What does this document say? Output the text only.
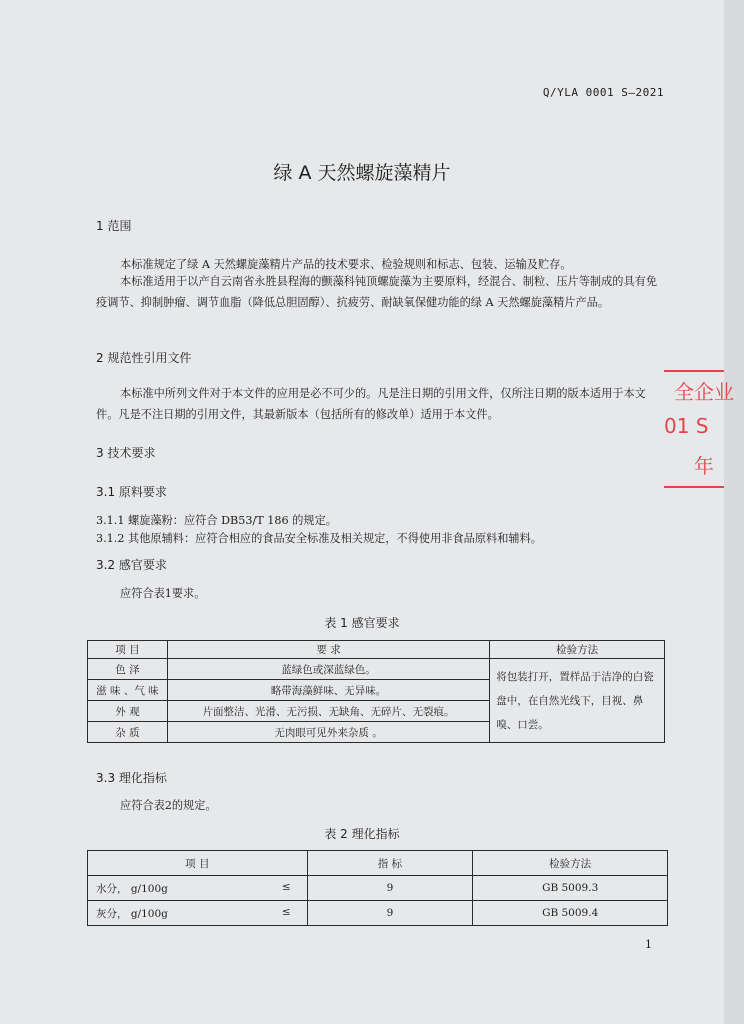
Q/YLA 0001 S—2021
绿 A 天然螺旋藻精片
1 范围
本标准规定了绿 A 天然螺旋藻精片产品的技术要求、检验规则和标志、包装、运输及贮存。
本标准适用于以产自云南省永胜县程海的颤藻科钝顶螺旋藻为主要原料，经混合、制粒、压片等制成的具有免疫调节、抑制肿瘤、调节血脂（降低总胆固醇）、抗疲劳、耐缺氧保健功能的绿 A 天然螺旋藻精片产品。
2 规范性引用文件
本标准中所列文件对于本文件的应用是必不可少的。凡是注日期的引用文件，仅所注日期的版本适用于本文件。凡是不注日期的引用文件，其最新版本（包括所有的修改单）适用于本文件。
3 技术要求
3.1 原料要求
3.1.1 螺旋藻粉：应符合 DB53/T 186 的规定。
3.1.2 其他原辅料：应符合相应的食品安全标准及相关规定，不得使用非食品原料和辅料。
3.2 感官要求
应符合表1要求。
表 1 感官要求
项 目	要 求	检验方法
色 泽	蓝绿色或深蓝绿色。	将包装打开，置样品于洁净的白瓷盘中，在自然光线下，目视、鼻嗅、口尝。
滋 味 、气 味	略带海藻鲜味、无异味。	
外 观	片面整洁、光滑、无污损、无缺角、无碎片、无裂痕。	
杂 质	无肉眼可见外来杂质 。	
3.3 理化指标
应符合表2的规定。
表 2 理化指标
项 目	指 标	检验方法
水分， g/100g ≤	9	GB 5009.3
灰分， g/100g ≤	9	GB 5009.4
全企业
01 S
年
1
